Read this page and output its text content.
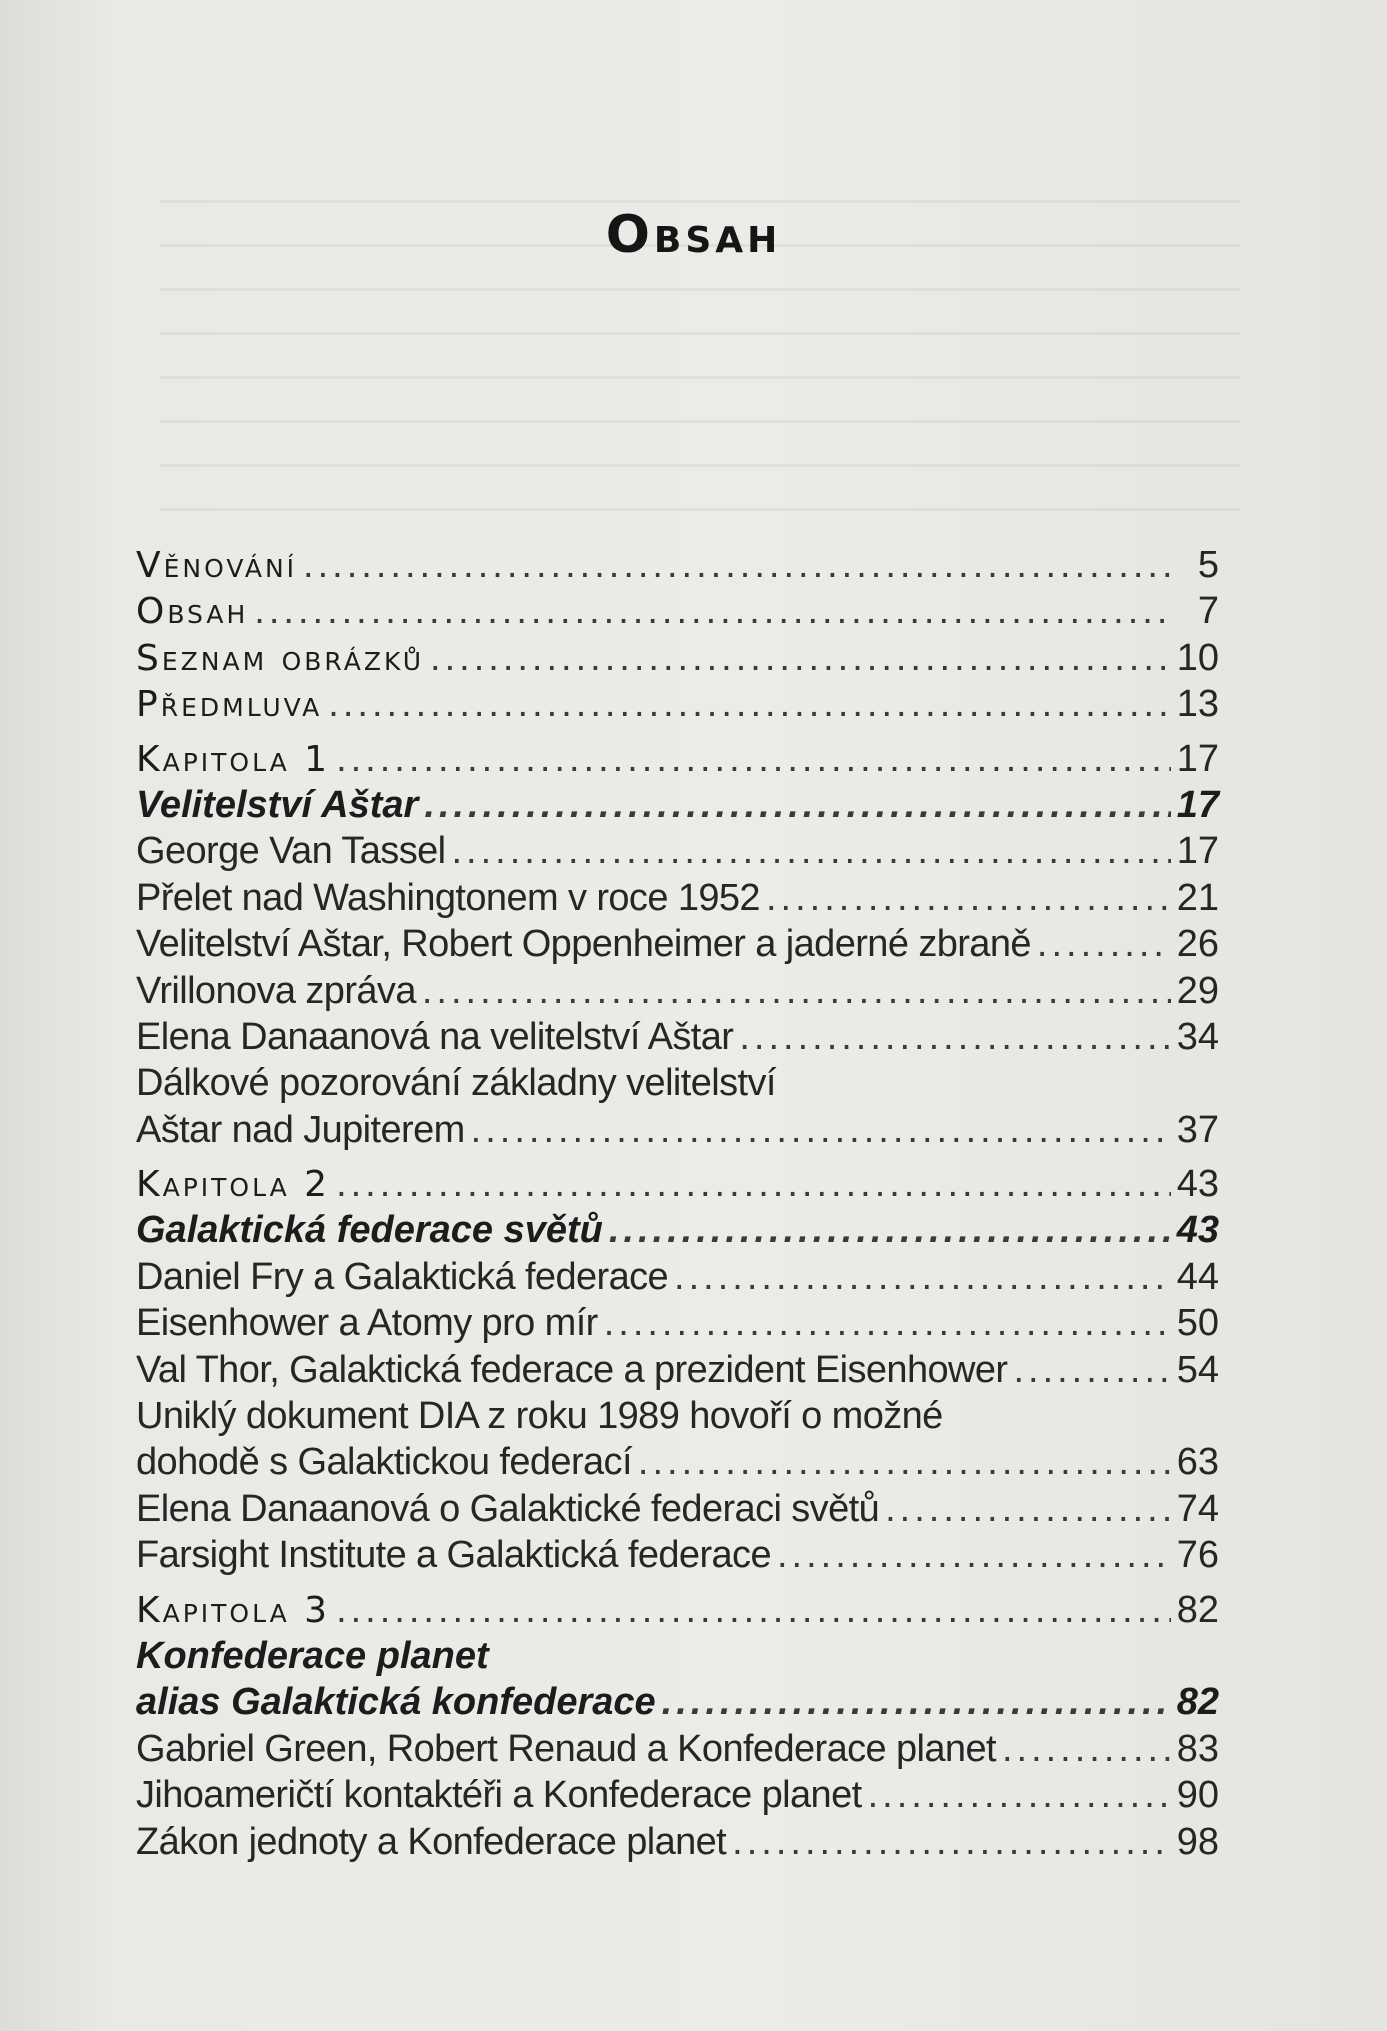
Obsah
Věnování .....	5
Obsah .....	7
Seznam obrázků .....	10
Předmluva .....	13
Kapitola 1 .....	17
Velitelství Aštar .....	17
George Van Tassel .....	17
Přelet nad Washingtonem v roce 1952 .....	21
Velitelství Aštar, Robert Oppenheimer a jaderné zbraně .....	26
Vrillonova zpráva .....	29
Elena Danaanová na velitelství Aštar .....	34
Dálkové pozorování základny velitelství
Aštar nad Jupiterem .....	37
Kapitola 2 .....	43
Galaktická federace světů .....	43
Daniel Fry a Galaktická federace .....	44
Eisenhower a Atomy pro mír .....	50
Val Thor, Galaktická federace a prezident Eisenhower .....	54
Uniklý dokument DIA z roku 1989 hovoří o možné
dohodě s Galaktickou federací .....	63
Elena Danaanová o Galaktické federaci světů .....	74
Farsight Institute a Galaktická federace .....	76
Kapitola 3 .....	82
Konfederace planet
alias Galaktická konfederace .....	82
Gabriel Green, Robert Renaud a Konfederace planet .....	83
Jihoameričtí kontaktéři a Konfederace planet .....	90
Zákon jednoty a Konfederace planet .....	98
